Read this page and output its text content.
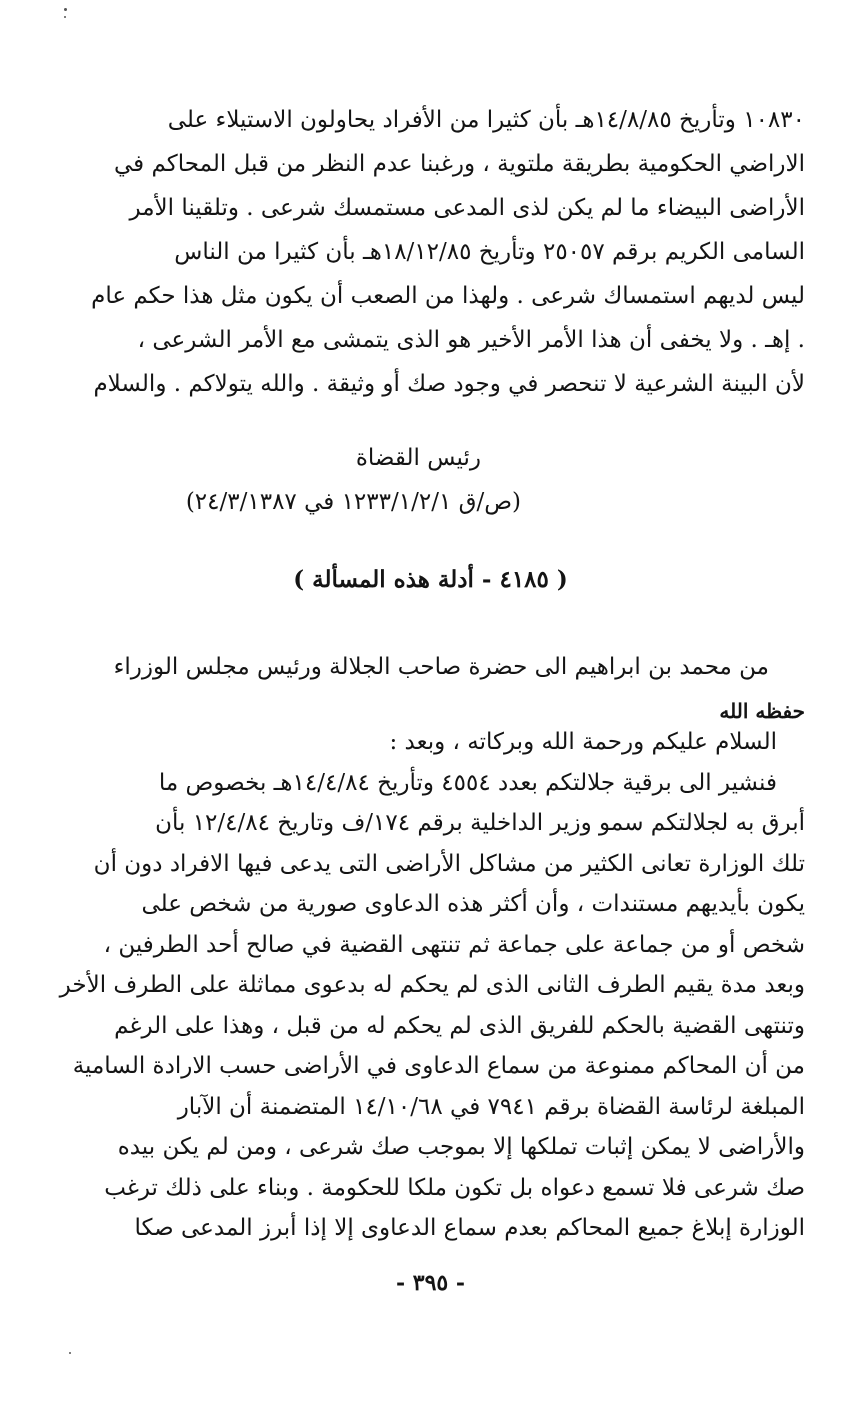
١٠٨٣٠ وتأريخ ١٤/٨/٨٥هـ بأن كثيرا من الأفراد يحاولون الاستيلاء على
الاراضي الحكومية بطريقة ملتوية ، ورغبنا عدم النظر من قبل المحاكم في
الأراضى البيضاء ما لم يكن لذى المدعى مستمسك شرعى . وتلقينا الأمر
السامى الكريم برقم ٢٥٠٥٧ وتأريخ ١٨/١٢/٨٥هـ بأن كثيرا من الناس
ليس لديهم استمساك شرعى . ولهذا من الصعب أن يكون مثل هذا حكم عام
. إهـ . ولا يخفى أن هذا الأمر الأخير هو الذى يتمشى مع الأمر الشرعى ،
لأن البينة الشرعية لا تنحصر في وجود صك أو وثيقة . والله يتولاكم . والسلام
رئيس القضاة
(ص/ق ١٢٣٣/١/٢/١ في ٢٤/٣/١٣٨٧)
( ٤١٨٥ - أدلة هذه المسألة )
من محمد بن ابراهيم الى حضرة صاحب الجلالة ورئيس مجلس الوزراء
حفظه الله
السلام عليكم ورحمة الله وبركاته ، وبعد :
فنشير الى برقية جلالتكم بعدد ٤٥٥٤ وتأريخ ١٤/٤/٨٤هـ بخصوص ما
أبرق به لجلالتكم سمو وزير الداخلية برقم ١٧٤/ف وتاريخ ١٢/٤/٨٤ بأن
تلك الوزارة تعانى الكثير من مشاكل الأراضى التى يدعى فيها الافراد دون أن
يكون بأيديهم مستندات ، وأن أكثر هذه الدعاوى صورية من شخص على
شخص أو من جماعة على جماعة ثم تنتهى القضية في صالح أحد الطرفين ،
وبعد مدة يقيم الطرف الثانى الذى لم يحكم له بدعوى مماثلة على الطرف الأخر
وتنتهى القضية بالحكم للفريق الذى لم يحكم له من قبل ، وهذا على الرغم
من أن المحاكم ممنوعة من سماع الدعاوى في الأراضى حسب الارادة السامية
المبلغة لرئاسة القضاة برقم ٧٩٤١ في ١٤/١٠/٦٨ المتضمنة أن الآبار
والأراضى لا يمكن إثبات تملكها إلا بموجب صك شرعى ، ومن لم يكن بيده
صك شرعى فلا تسمع دعواه بل تكون ملكا للحكومة . وبناء على ذلك ترغب
الوزارة إبلاغ جميع المحاكم بعدم سماع الدعاوى إلا إذا أبرز المدعى صكا
- ٣٩٥ -
